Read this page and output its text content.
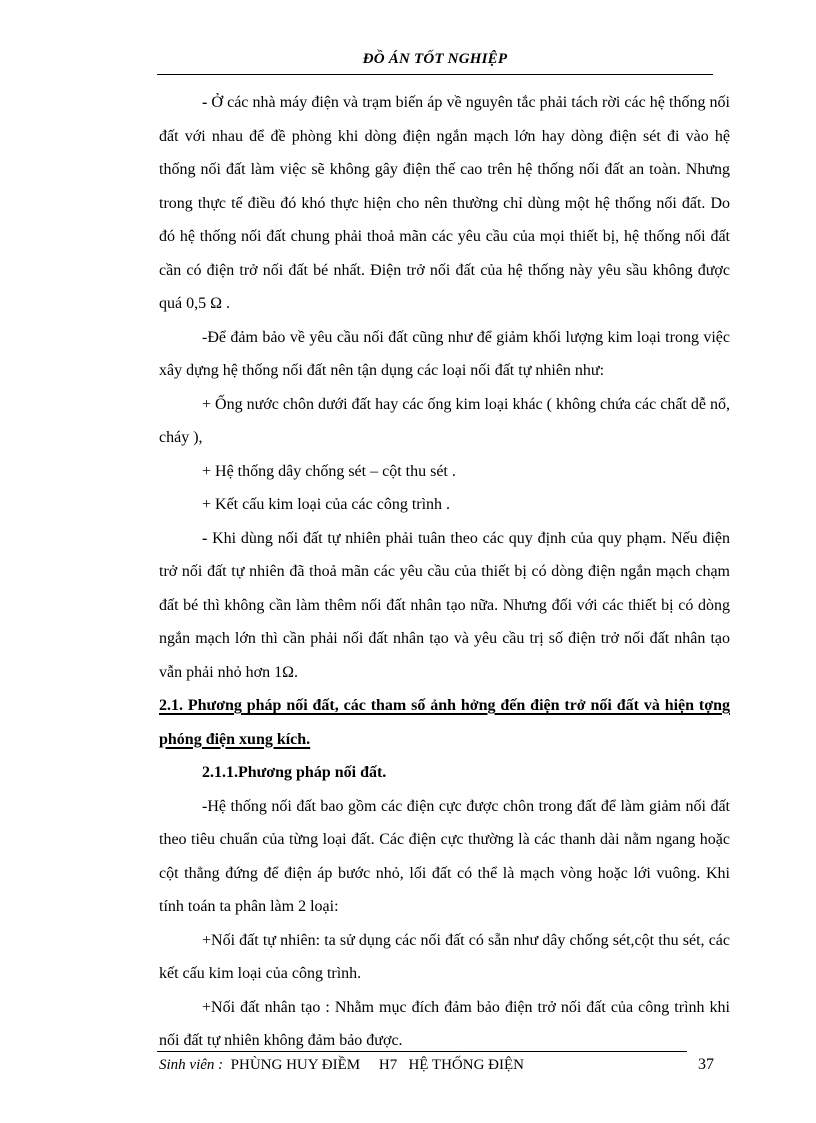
ĐỒ ÁN TỐT NGHIỆP

- Ở các nhà máy điện và trạm biến áp về nguyên tắc phải tách rời các hệ thống nối đất với nhau để đề phòng khi dòng điện ngắn mạch lớn hay dòng điện sét đi vào hệ thống nối đất làm việc sẽ không gây điện thế cao trên hệ thống nối đất an toàn. Nhưng trong thực tế điều đó khó thực hiện cho nên thường chỉ dùng một hệ thống nối đất. Do đó hệ thống nối đất chung phải thoả mãn các yêu cầu của mọi thiết bị, hệ thống nối đất cần có điện trở nối đất bé nhất. Điện trở nối đất của hệ thống này yêu sầu không được quá 0,5 Ω .

-Để đảm bảo về yêu cầu nối đất cũng như để giảm khối lượng kim loại trong việc xây dựng hệ thống nối đất nên tận dụng các loại nối đất tự nhiên như:

+ Ống nước chôn dưới đất hay các ống kim loại khác ( không chứa các chất dễ nổ, cháy ),

+ Hệ thống dây chống sét – cột thu sét .

+ Kết cấu kim loại của các công trình .

- Khi dùng nối đất tự nhiên phải tuân theo các quy định của quy phạm. Nếu điện trở nối đất tự nhiên đã thoả mãn các yêu cầu của thiết bị có dòng điện ngắn mạch chạm đất bé thì không cần làm thêm nối đất nhân tạo nữa. Nhưng đối với các thiết bị có dòng ngắn mạch lớn thì cần phải nối đất nhân tạo và yêu cầu trị số điện trở nối đất nhân tạo vẫn phải nhỏ hơn 1Ω.

2.1. Phương pháp nối đất, các tham số ảnh hởng đến điện trở nối đất và hiện tợng phóng điện xung kích.

2.1.1.Phương pháp nối đất.

-Hệ thống nối đất bao gồm các điện cực được chôn trong đất để làm giảm nối đất theo tiêu chuẩn của từng loại đất. Các điện cực thường là các thanh dài nằm ngang hoặc cột thẳng đứng để điện áp bước nhỏ, lối đất có thể là mạch vòng hoặc lới vuông. Khi tính toán ta phân làm 2 loại:

+Nối đất tự nhiên: ta sử dụng các nối đất có sẵn như dây chống sét,cột thu sét, các kết cấu kim loại của công trình.

+Nối đất nhân tạo : Nhằm mục đích đảm bảo điện trở nối đất của công trình khi nối đất tự nhiên không đảm bảo được.

Sinh viên : PHÙNG HUY ĐIỀM H7 HỆ THỐNG ĐIỆN	37
